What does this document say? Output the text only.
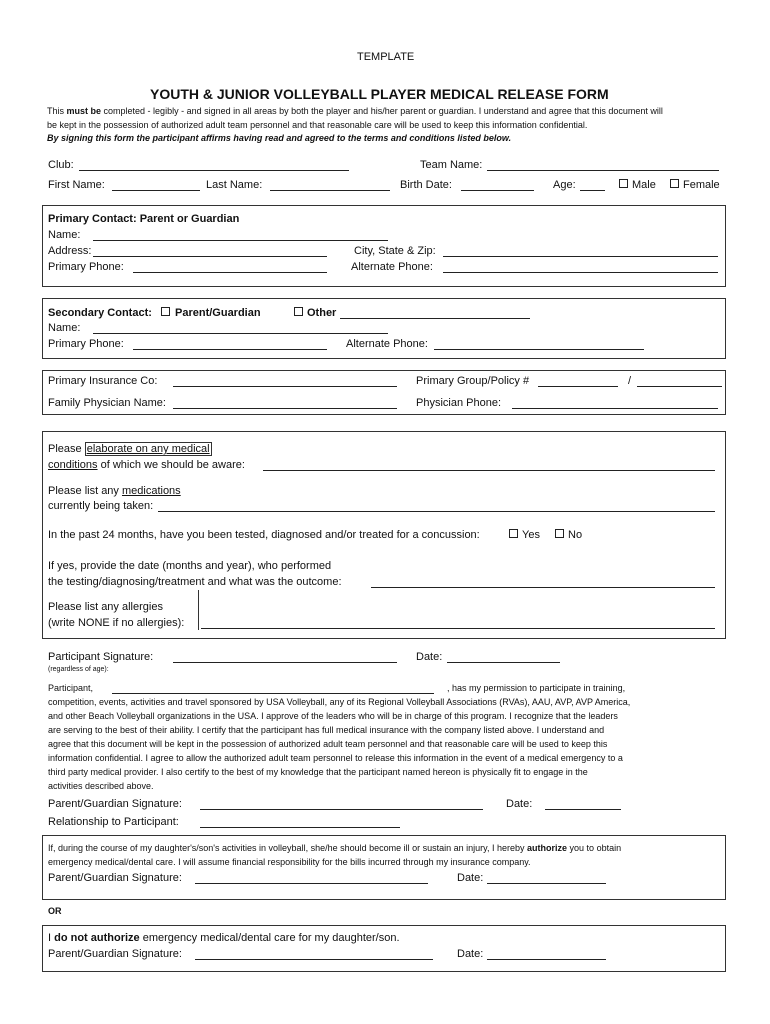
TEMPLATE
YOUTH & JUNIOR VOLLEYBALL PLAYER MEDICAL RELEASE FORM
This must be completed - legibly - and signed in all areas by both the player and his/her parent or guardian. I understand and agree that this document will
be kept in the possession of authorized adult team personnel and that reasonable care will be used to keep this information confidential.
By signing this form the participant affirms having read and agreed to the terms and conditions listed below.
Club:	Team Name:
First Name:	Last Name:	Birth Date:	Age:	Male Female
Primary Contact: Parent or Guardian
Name:
Address:	City, State & Zip:
Primary Phone:	Alternate Phone:
Secondary Contact: Parent/Guardian	Other
Name:
Primary Phone:	Alternate Phone:
Primary Insurance Co:	Primary Group/Policy #	/
Family Physician Name:	Physician Phone:
Please elaborate on any medical
conditions of which we should be aware:
Please list any medications
currently being taken:
In the past 24 months, have you been tested, diagnosed and/or treated for a concussion:	Yes	No
If yes, provide the date (months and year), who performed
the testing/diagnosing/treatment and what was the outcome:
Please list any allergies
(write NONE if no allergies):
Participant Signature:
(regardless of age):
Date:
Participant,	, has my permission to participate in training,
competition, events, activities and travel sponsored by USA Volleyball, any of its Regional Volleyball Associations (RVAs), AAU, AVP, AVP America,
and other Beach Volleyball organizations in the USA. I approve of the leaders who will be in charge of this program. I recognize that the leaders
are serving to the best of their ability. I certify that the participant has full medical insurance with the company listed above. I understand and
agree that this document will be kept in the possession of authorized adult team personnel and that reasonable care will be used to keep this
information confidential. I agree to allow the authorized adult team personnel to release this information in the event of a medical emergency to a
third party medical provider. I also certify to the best of my knowledge that the participant named hereon is physically fit to engage in the
activities described above.
Parent/Guardian Signature:	Date:
Relationship to Participant:
If, during the course of my daughter's/son's activities in volleyball, she/he should become ill or sustain an injury, I hereby authorize you to obtain
emergency medical/dental care. I will assume financial responsibility for the bills incurred through my insurance company.
Parent/Guardian Signature:	Date:
OR
I do not authorize emergency medical/dental care for my daughter/son.
Parent/Guardian Signature:	Date:
